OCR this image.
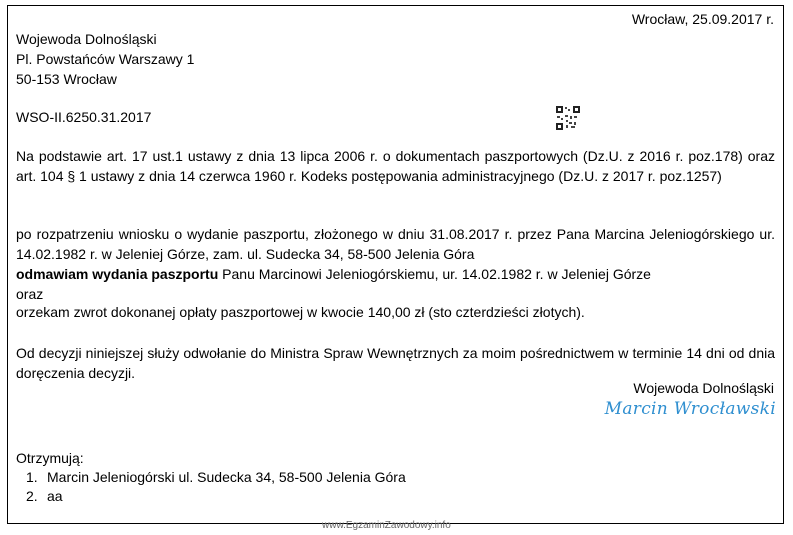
Wrocław, 25.09.2017 r.
Wojewoda Dolnośląski
Pl. Powstańców Warszawy 1
50-153 Wrocław
WSO-II.6250.31.2017
Na podstawie art. 17 ust.1 ustawy z dnia 13 lipca 2006 r. o dokumentach paszportowych (Dz.U. z 2016 r. poz.178) oraz art. 104 § 1 ustawy z dnia 14 czerwca 1960 r. Kodeks postępowania administracyjnego (Dz.U. z 2017 r. poz.1257)
po rozpatrzeniu wniosku o wydanie paszportu, złożonego w dniu 31.08.2017 r. przez Pana Marcina Jeleniogórskiego ur. 14.02.1982 r. w Jeleniej Górze, zam. ul. Sudecka 34, 58-500 Jelenia Góra
odmawiam wydania paszportu Panu Marcinowi Jeleniogórskiemu, ur. 14.02.1982 r. w Jeleniej Górze
oraz
orzekam zwrot dokonanej opłaty paszportowej w kwocie 140,00 zł (sto czterdzieści złotych).
Od decyzji niniejszej służy odwołanie do Ministra Spraw Wewnętrznych za moim pośrednictwem w terminie 14 dni od dnia doręczenia decyzji.
Wojewoda Dolnośląski
Marcin Wrocławski
Otrzymują:
1. Marcin Jeleniogórski ul. Sudecka 34, 58-500 Jelenia Góra
2. aa
www.EgzaminZawodowy.info
